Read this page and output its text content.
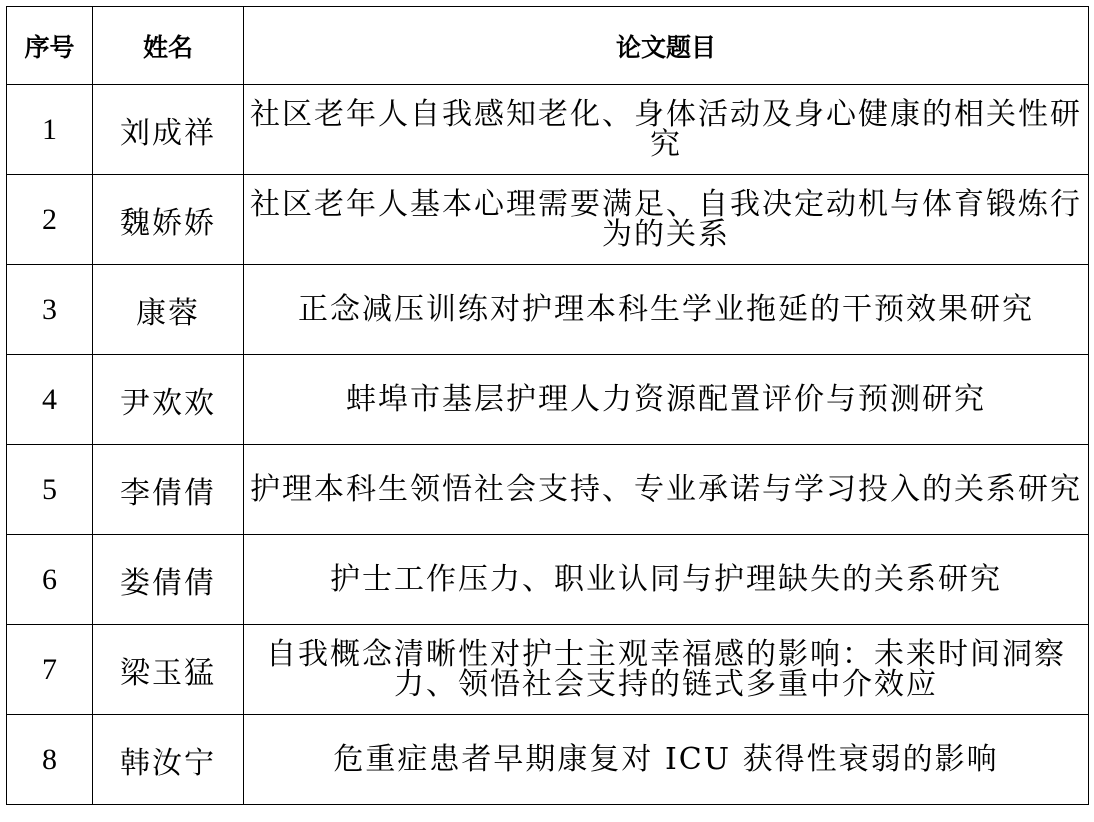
序号	姓名	论文题目
1	刘成祥	社区老年人自我感知老化、身体活动及身心健康的相关性研究
2	魏娇娇	社区老年人基本心理需要满足、自我决定动机与体育锻炼行为的关系
3	康蓉	正念减压训练对护理本科生学业拖延的干预效果研究
4	尹欢欢	蚌埠市基层护理人力资源配置评价与预测研究
5	李倩倩	护理本科生领悟社会支持、专业承诺与学习投入的关系研究
6	娄倩倩	护士工作压力、职业认同与护理缺失的关系研究
7	梁玉猛	自我概念清晰性对护士主观幸福感的影响：未来时间洞察力、领悟社会支持的链式多重中介效应
8	韩汝宁	危重症患者早期康复对 ICU 获得性衰弱的影响
